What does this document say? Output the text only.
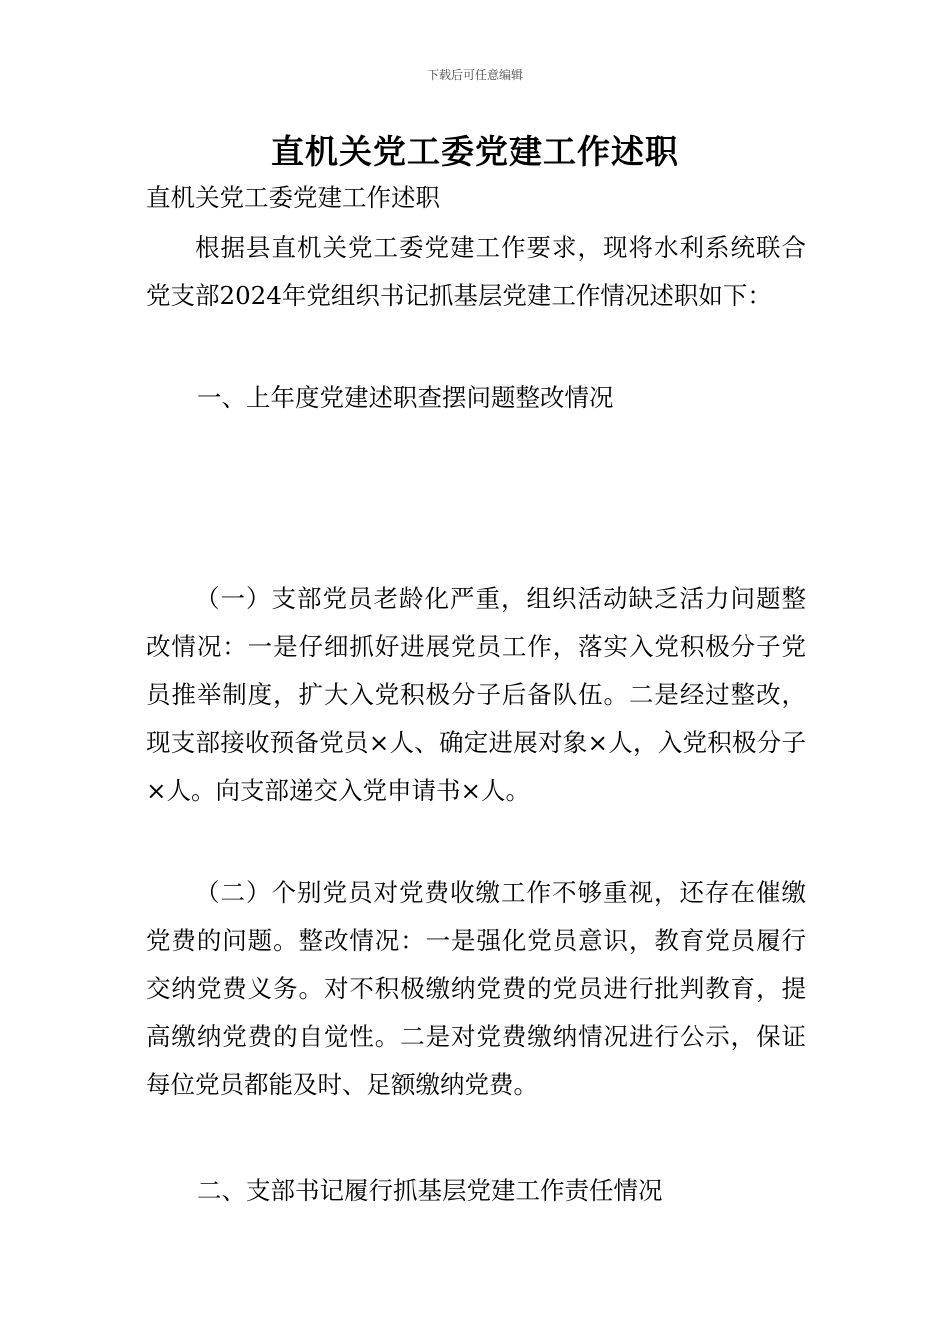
下载后可任意编辑
直机关党工委党建工作述职
直机关党工委党建工作述职
根据县直机关党工委党建工作要求，现将水利系统联合党支部2024年党组织书记抓基层党建工作情况述职如下：
一、上年度党建述职查摆问题整改情况
（一）支部党员老龄化严重，组织活动缺乏活力问题整改情况：一是仔细抓好进展党员工作，落实入党积极分子党员推举制度，扩大入党积极分子后备队伍。二是经过整改，现支部接收预备党员×人、确定进展对象×人，入党积极分子×人。向支部递交入党申请书×人。
（二）个别党员对党费收缴工作不够重视，还存在催缴党费的问题。整改情况：一是强化党员意识，教育党员履行交纳党费义务。对不积极缴纳党费的党员进行批判教育，提高缴纳党费的自觉性。二是对党费缴纳情况进行公示，保证每位党员都能及时、足额缴纳党费。
二、支部书记履行抓基层党建工作责任情况
